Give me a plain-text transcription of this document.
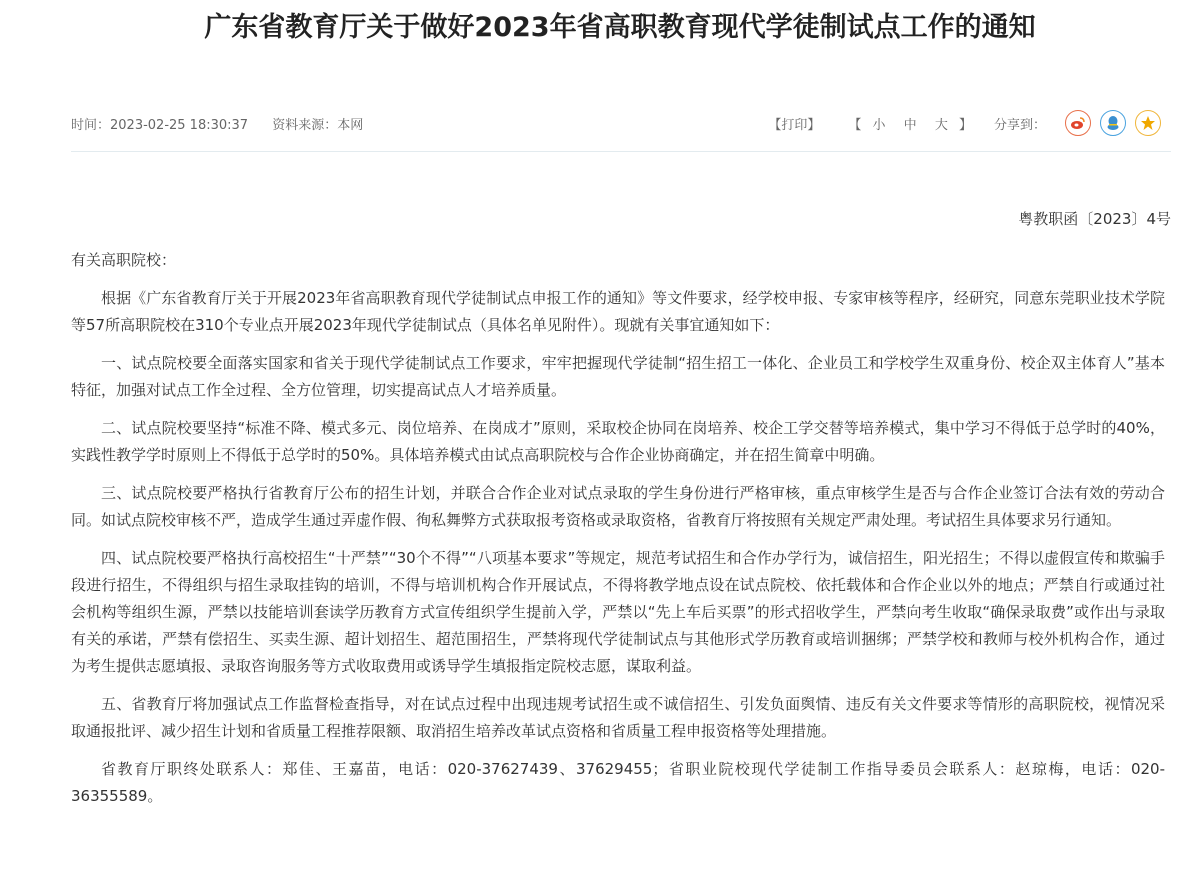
广东省教育厅关于做好2023年省高职教育现代学徒制试点工作的通知
时间：2023-02-25 18:30:37 资料来源：本网	【打印】 【 小 中 大 】 分享到：
粤教职函〔2023〕4号
有关高职院校：

根据《广东省教育厅关于开展2023年省高职教育现代学徒制试点申报工作的通知》等文件要求，经学校申报、专家审核等程序，经研究，同意东莞职业技术学院等57所高职院校在310个专业点开展2023年现代学徒制试点（具体名单见附件）。现就有关事宜通知如下：

一、试点院校要全面落实国家和省关于现代学徒制试点工作要求，牢牢把握现代学徒制“招生招工一体化、企业员工和学校学生双重身份、校企双主体育人”基本特征，加强对试点工作全过程、全方位管理，切实提高试点人才培养质量。

二、试点院校要坚持“标准不降、模式多元、岗位培养、在岗成才”原则，采取校企协同在岗培养、校企工学交替等培养模式，集中学习不得低于总学时的40%，实践性教学学时原则上不得低于总学时的50%。具体培养模式由试点高职院校与合作企业协商确定，并在招生简章中明确。

三、试点院校要严格执行省教育厅公布的招生计划，并联合合作企业对试点录取的学生身份进行严格审核，重点审核学生是否与合作企业签订合法有效的劳动合同。如试点院校审核不严，造成学生通过弄虚作假、徇私舞弊方式获取报考资格或录取资格，省教育厅将按照有关规定严肃处理。考试招生具体要求另行通知。

四、试点院校要严格执行高校招生“十严禁”“30个不得”“八项基本要求”等规定，规范考试招生和合作办学行为，诚信招生，阳光招生；不得以虚假宣传和欺骗手段进行招生，不得组织与招生录取挂钩的培训，不得与培训机构合作开展试点，不得将教学地点设在试点院校、依托载体和合作企业以外的地点；严禁自行或通过社会机构等组织生源，严禁以技能培训套读学历教育方式宣传组织学生提前入学，严禁以“先上车后买票”的形式招收学生，严禁向考生收取“确保录取费”或作出与录取有关的承诺，严禁有偿招生、买卖生源、超计划招生、超范围招生，严禁将现代学徒制试点与其他形式学历教育或培训捆绑；严禁学校和教师与校外机构合作，通过为考生提供志愿填报、录取咨询服务等方式收取费用或诱导学生填报指定院校志愿，谋取利益。

五、省教育厅将加强试点工作监督检查指导，对在试点过程中出现违规考试招生或不诚信招生、引发负面舆情、违反有关文件要求等情形的高职院校，视情况采取通报批评、减少招生计划和省质量工程推荐限额、取消招生培养改革试点资格和省质量工程申报资格等处理措施。

省教育厅职终处联系人：郑佳、王嘉苗，电话：020-37627439、37629455；省职业院校现代学徒制工作指导委员会联系人：赵琼梅，电话：020-36355589。
